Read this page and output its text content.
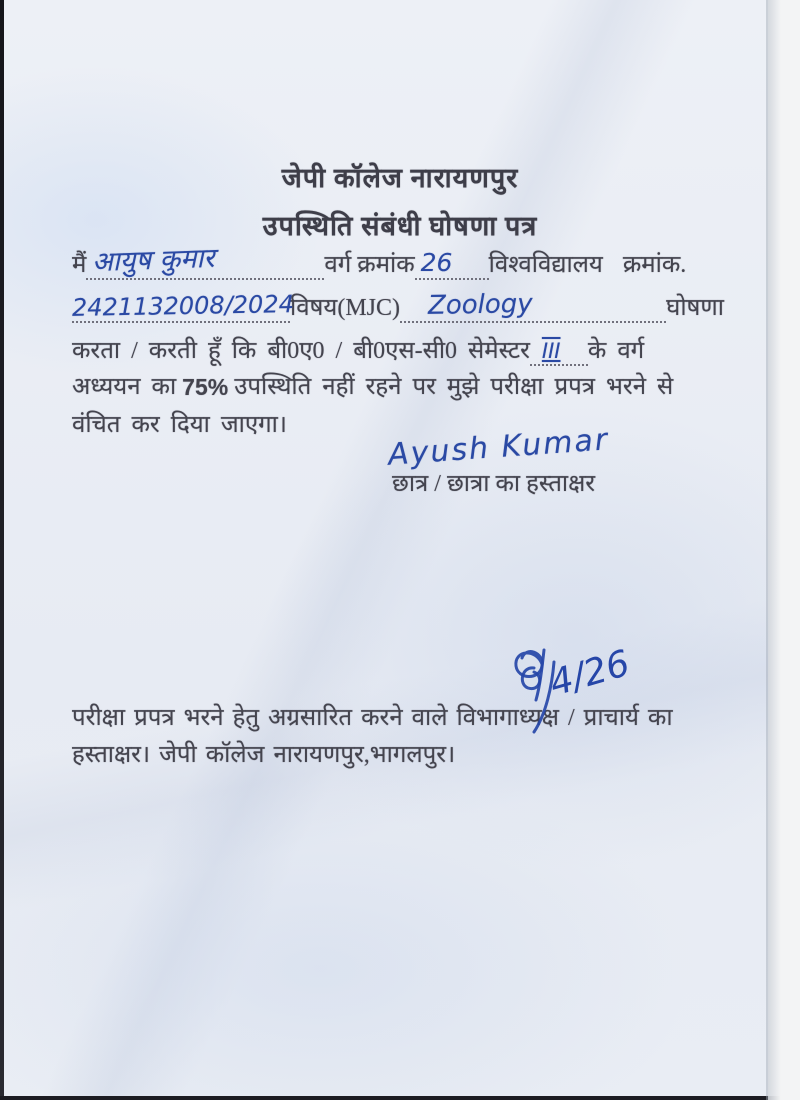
जेपी कॉलेज नारायणपुर
उपस्थिति संबंधी घोषणा पत्र
मैं आयुष कुमार	वर्ग क्रमांक 26 विश्वविद्यालय क्रमांक.
2421132008/2024
विषय(MJC) Zoology	घोषणा
करता / करती हूँ कि बी0ए0 / बी0एस-सी0 सेमेस्टर III के वर्ग
अध्ययन का 75% उपस्थिति नहीं रहने पर मुझे परीक्षा प्रपत्र भरने से
वंचित कर दिया जाएगा।	Ayush Kumar
छात्र / छात्रा का हस्ताक्षर
4/26
परीक्षा प्रपत्र भरने हेतु अग्रसारित करने वाले विभागाध्यक्ष / प्राचार्य का
हस्ताक्षर। जेपी कॉलेज नारायणपुर,भागलपुर।
